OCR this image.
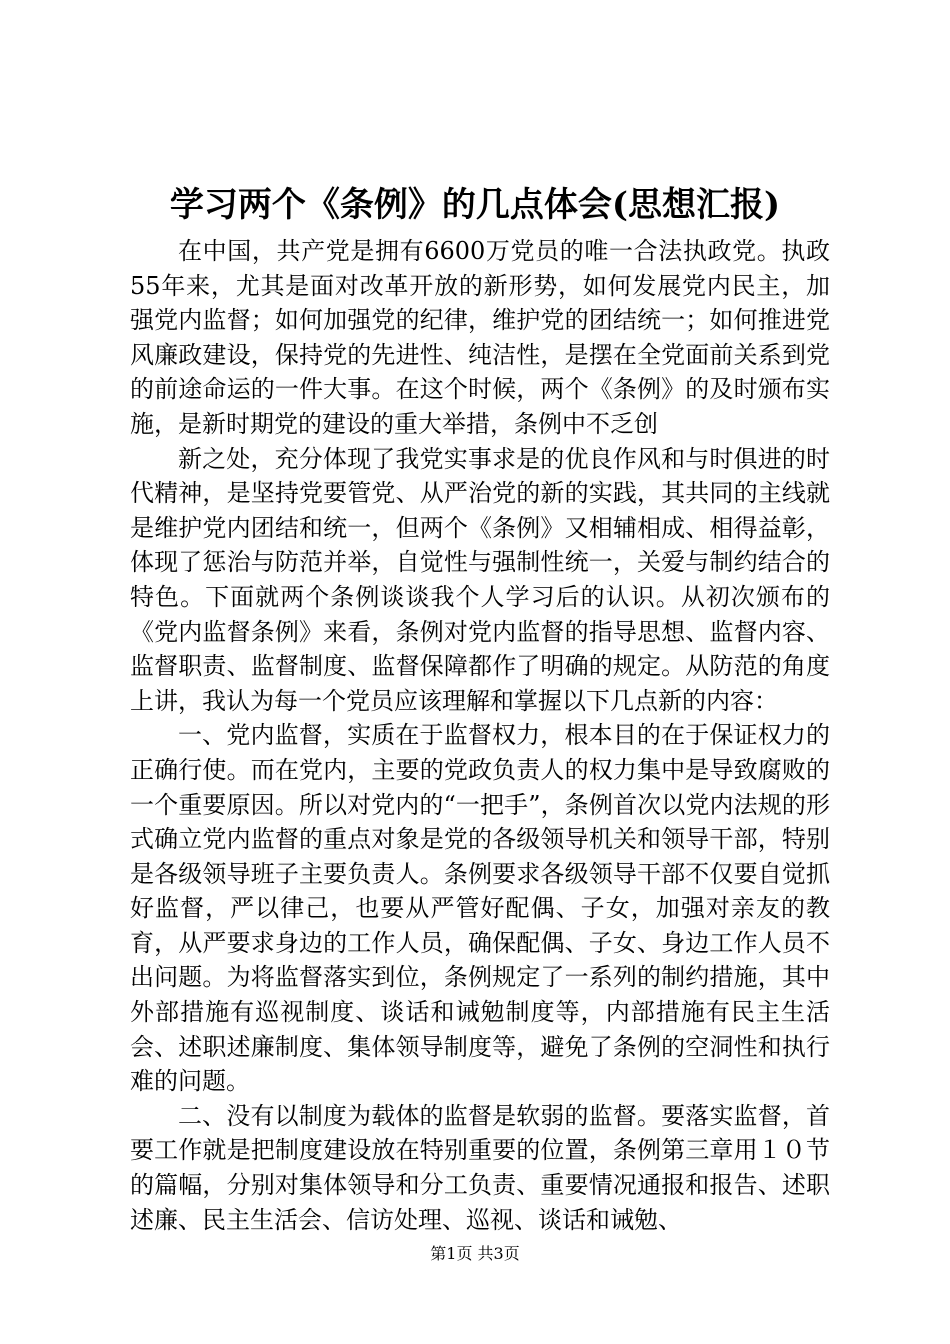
学习两个《条例》的几点体会(思想汇报)

在中国，共产党是拥有6600万党员的唯一合法执政党。执政55年来，尤其是面对改革开放的新形势，如何发展党内民主，加强党内监督；如何加强党的纪律，维护党的团结统一；如何推进党风廉政建设，保持党的先进性、纯洁性，是摆在全党面前关系到党的前途命运的一件大事。在这个时候，两个《条例》的及时颁布实施，是新时期党的建设的重大举措，条例中不乏创

新之处，充分体现了我党实事求是的优良作风和与时俱进的时代精神，是坚持党要管党、从严治党的新的实践，其共同的主线就是维护党内团结和统一，但两个《条例》又相辅相成、相得益彰，体现了惩治与防范并举，自觉性与强制性统一，关爱与制约结合的特色。下面就两个条例谈谈我个人学习后的认识。从初次颁布的《党内监督条例》来看，条例对党内监督的指导思想、监督内容、监督职责、监督制度、监督保障都作了明确的规定。从防范的角度上讲，我认为每一个党员应该理解和掌握以下几点新的内容：

一、党内监督，实质在于监督权力，根本目的在于保证权力的正确行使。而在党内，主要的党政负责人的权力集中是导致腐败的一个重要原因。所以对党内的“一把手”，条例首次以党内法规的形式确立党内监督的重点对象是党的各级领导机关和领导干部，特别是各级领导班子主要负责人。条例要求各级领导干部不仅要自觉抓好监督，严以律己，也要从严管好配偶、子女，加强对亲友的教育，从严要求身边的工作人员，确保配偶、子女、身边工作人员不出问题。为将监督落实到位，条例规定了一系列的制约措施，其中外部措施有巡视制度、谈话和诫勉制度等，内部措施有民主生活会、述职述廉制度、集体领导制度等，避免了条例的空洞性和执行难的问题。

二、没有以制度为载体的监督是软弱的监督。要落实监督，首要工作就是把制度建设放在特别重要的位置，条例第三章用１０节的篇幅，分别对集体领导和分工负责、重要情况通报和报告、述职述廉、民主生活会、信访处理、巡视、谈话和诫勉、

第1页 共3页
